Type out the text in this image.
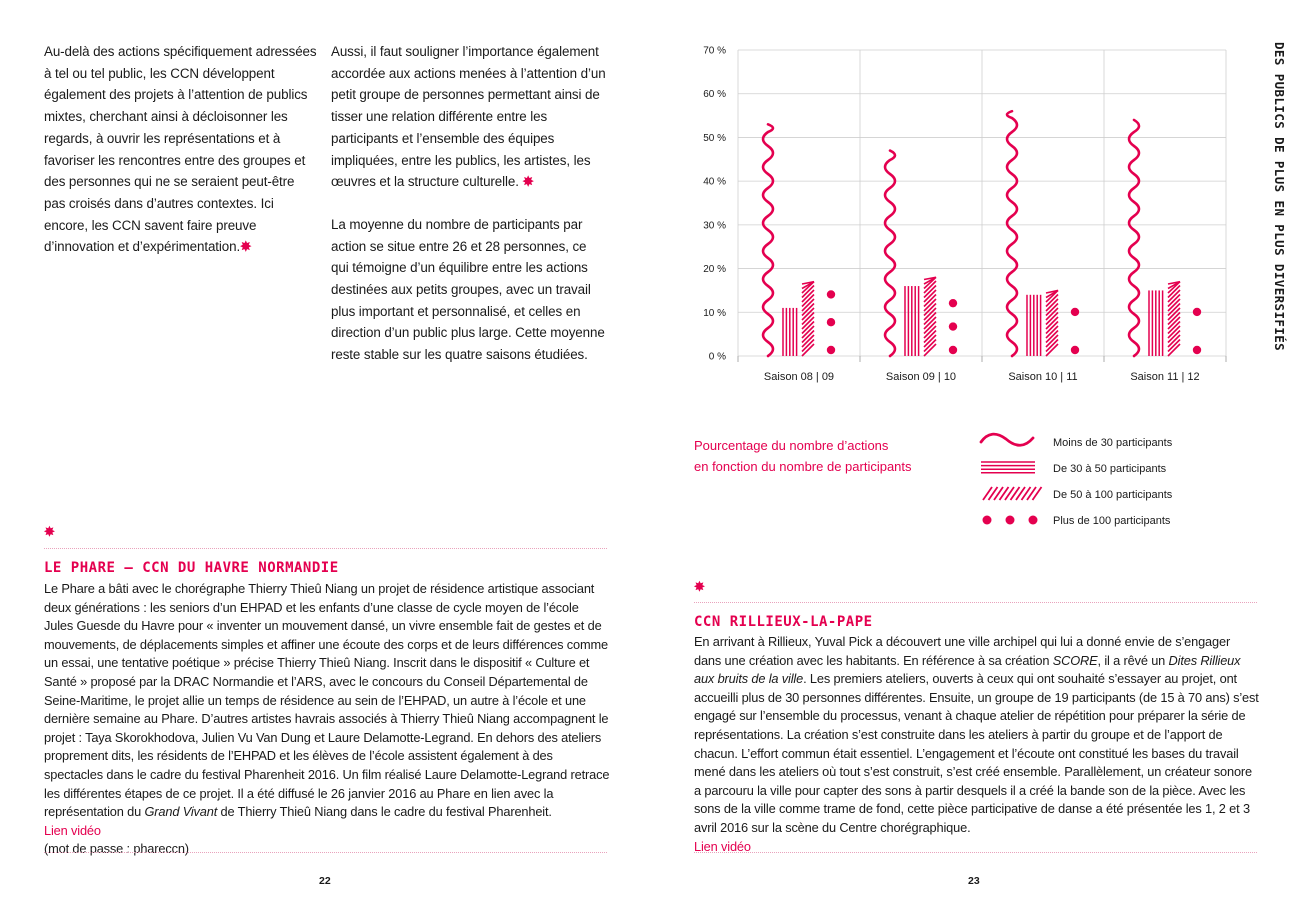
Au-delà des actions spécifiquement adressées à tel ou tel public, les CCN développent également des projets à l’attention de publics mixtes, cherchant ainsi à décloisonner les regards, à ouvrir les représentations et à favoriser les rencontres entre des groupes et des personnes qui ne se seraient peut-être pas croisés dans d’autres contextes. Ici encore, les CCN savent faire preuve d’innovation et d’expérimentation.✸

Aussi, il faut souligner l’importance également accordée aux actions menées à l’attention d’un petit groupe de personnes permettant ainsi de tisser une relation différente entre les participants et l’ensemble des équipes impliquées, entre les publics, les artistes, les œuvres et la structure culturelle. ✸

La moyenne du nombre de participants par action se situe entre 26 et 28 personnes, ce qui témoigne d’un équilibre entre les actions destinées aux petits groupes, avec un travail plus important et personnalisé, et celles en direction d’un public plus large. Cette moyenne reste stable sur les quatre saisons étudiées.

✸
LE PHARE – CCN DU HAVRE NORMANDIE
Le Phare a bâti avec le chorégraphe Thierry Thieû Niang un projet de résidence artistique associant deux générations : les seniors d’un EHPAD et les enfants d’une classe de cycle moyen de l’école Jules Guesde du Havre pour « inventer un mouvement dansé, un vivre ensemble fait de gestes et de mouvements, de déplacements simples et affiner une écoute des corps et de leurs différences comme un essai, une tentative poétique » précise Thierry Thieû Niang. Inscrit dans le dispositif « Culture et Santé » proposé par la DRAC Normandie et l’ARS, avec le concours du Conseil Départemental de Seine-Maritime, le projet allie un temps de résidence au sein de l’EHPAD, un autre à l’école et une dernière semaine au Phare. D’autres artistes havrais associés à Thierry Thieû Niang accompagnent le projet : Taya Skorokhodova, Julien Vu Van Dung et Laure Delamotte-Legrand. En dehors des ateliers proprement dits, les résidents de l’EHPAD et les élèves de l’école assistent également à des spectacles dans le cadre du festival Pharenheit 2016. Un film réalisé Laure Delamotte-Legrand retrace les différentes étapes de ce projet. Il a été diffusé le 26 janvier 2016 au Phare en lien avec la représentation du Grand Vivant de Thierry Thieû Niang dans le cadre du festival Pharenheit.
Lien vidéo
(mot de passe : phareccn)
22
DES PUBLICS DE PLUS EN PLUS DIVERSIFIÉS
0 %
10 %
20 %
30 %
40 %
50 %
60 %
70 %
Saison 08 | 09	Saison 09 | 10	Saison 10 | 11	Saison 11 | 12
Pourcentage du nombre d’actions
en fonction du nombre de participants
Moins de 30 participants
De 30 à 50 participants
De 50 à 100 participants
Plus de 100 participants
✸
CCN RILLIEUX-LA-PAPE
En arrivant à Rillieux, Yuval Pick a découvert une ville archipel qui lui a donné envie de s’engager dans une création avec les habitants. En référence à sa création SCORE, il a rêvé un Dites Rillieux aux bruits de la ville. Les premiers ateliers, ouverts à ceux qui ont souhaité s’essayer au projet, ont accueilli plus de 30 personnes différentes. Ensuite, un groupe de 19 participants (de 15 à 70 ans) s’est engagé sur l’ensemble du processus, venant à chaque atelier de répétition pour préparer la série de représentations. La création s’est construite dans les ateliers à partir du groupe et de l’apport de chacun. L’effort commun était essentiel. L’engagement et l’écoute ont constitué les bases du travail mené dans les ateliers où tout s’est construit, s’est créé ensemble. Parallèlement, un créateur sonore a parcouru la ville pour capter des sons à partir desquels il a créé la bande son de la pièce. Avec les sons de la ville comme trame de fond, cette pièce participative de danse a été présentée les 1, 2 et 3 avril 2016 sur la scène du Centre chorégraphique.
Lien vidéo
23
